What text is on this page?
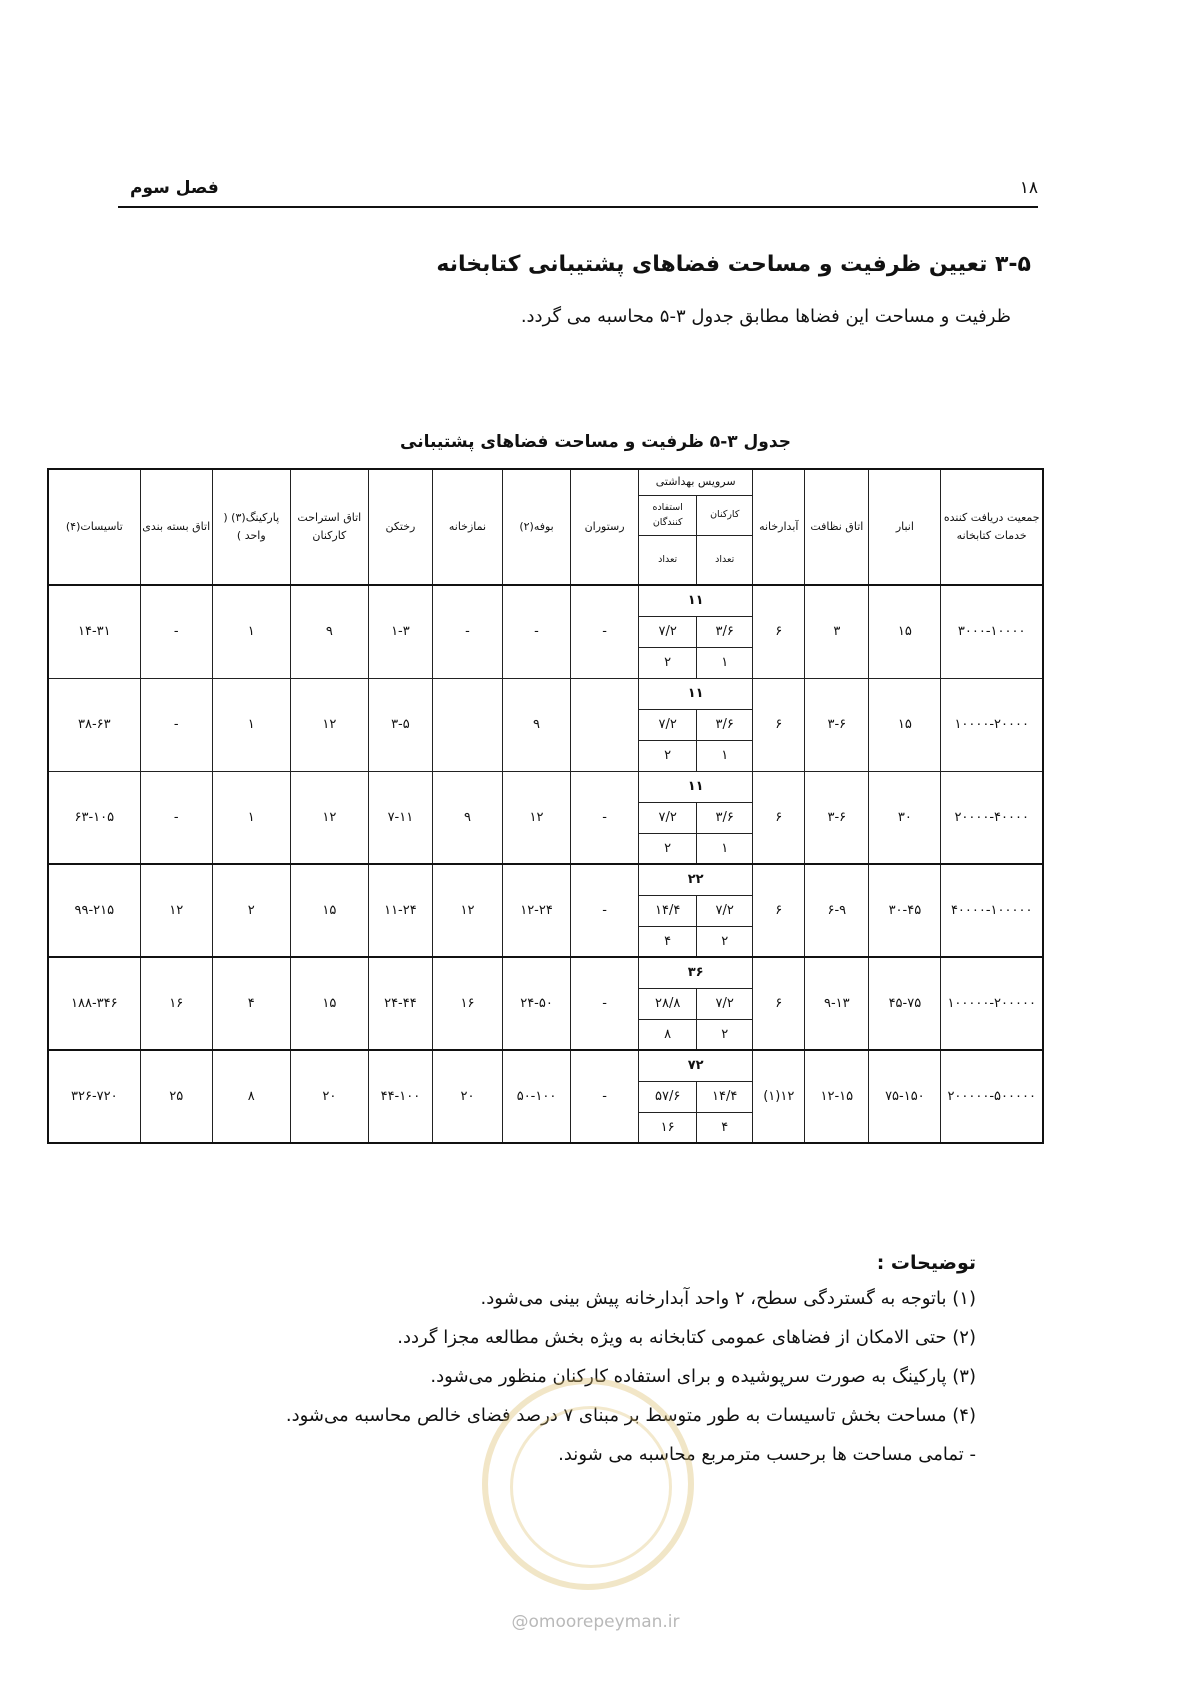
۱۸
فصل سوم
۳-۵ تعیین ظرفیت و مساحت فضاهای پشتیبانی کتابخانه
ظرفیت و مساحت این فضاها مطابق جدول ۳-۵ محاسبه می گردد.
جدول ۳-۵ ظرفیت و مساحت فضاهای پشتیبانی
جمعیت دریافت کننده خدمات کتابخانه	انبار	اتاق نظافت	آبدارخانه	سرویس بهداشتی		رستوران	بوفه(۲)	نمازخانه	رختکن	اتاق استراحت کارکنان	پارکینگ(۳) ( واحد )	اتاق بسته بندی	تاسیسات(۴)
				کارکنان	استفاده کنندگان								
				تعداد	تعداد								
۳۰۰۰-۱۰۰۰۰	۱۵	۳	۶	۱۱		-	-	-	۱-۳	۹	۱	-	۱۴-۳۱
				۳/۶	۷/۲								
				۱	۲								
۱۰۰۰۰-۲۰۰۰۰	۱۵	۳-۶	۶	۱۱			۹		۳-۵	۱۲	۱	-	۳۸-۶۳
				۳/۶	۷/۲								
				۱	۲								
۲۰۰۰۰-۴۰۰۰۰	۳۰	۳-۶	۶	۱۱		-	۱۲	۹	۷-۱۱	۱۲	۱	-	۶۳-۱۰۵
				۳/۶	۷/۲								
				۱	۲								
۴۰۰۰۰-۱۰۰۰۰۰	۳۰-۴۵	۶-۹	۶	۲۲		-	۱۲-۲۴	۱۲	۱۱-۲۴	۱۵	۲	۱۲	۹۹-۲۱۵
				۷/۲	۱۴/۴								
				۲	۴								
۱۰۰۰۰۰-۲۰۰۰۰۰	۴۵-۷۵	۹-۱۳	۶	۳۶		-	۲۴-۵۰	۱۶	۲۴-۴۴	۱۵	۴	۱۶	۱۸۸-۳۴۶
				۷/۲	۲۸/۸								
				۲	۸								
۲۰۰۰۰۰-۵۰۰۰۰۰	۷۵-۱۵۰	۱۲-۱۵	۱۲(۱)	۷۲		-	۵۰-۱۰۰	۲۰	۴۴-۱۰۰	۲۰	۸	۲۵	۳۲۶-۷۲۰
				۱۴/۴	۵۷/۶								
				۴	۱۶								
توضیحات :
(۱) باتوجه به گستردگی سطح، ۲ واحد آبدارخانه پیش بینی می‌شود.
(۲) حتی الامکان از فضاهای عمومی کتابخانه به ویژه بخش مطالعه مجزا گردد.
(۳) پارکینگ به صورت سرپوشیده و برای استفاده کارکنان منظور می‌شود.
(۴) مساحت بخش تاسیسات به طور متوسط بر مبنای ۷ درصد فضای خالص محاسبه می‌شود.
- تمامی مساحت ها برحسب مترمربع محاسبه می شوند.
@omoorepeyman.ir
